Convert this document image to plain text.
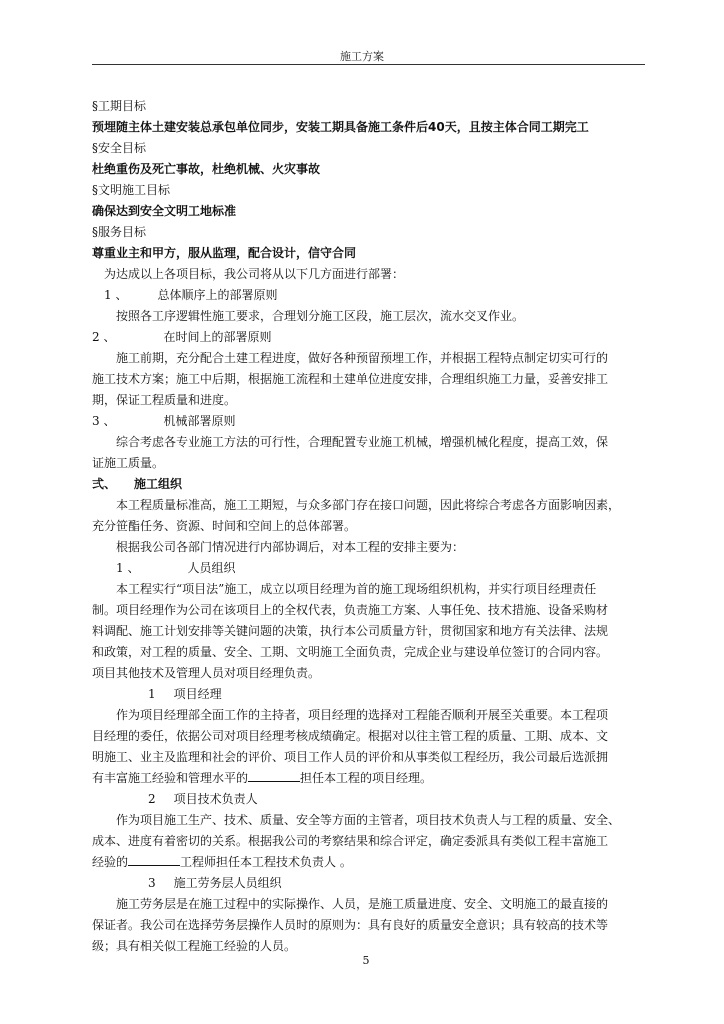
施工方案
§工期目标
预埋随主体土建安装总承包单位同步，安装工期具备施工条件后40天，且按主体合同工期完工
§安全目标
杜绝重伤及死亡事故，杜绝机械、火灾事故
§文明施工目标
确保达到安全文明工地标准
§服务目标
尊重业主和甲方，服从监理，配合设计，信守合同
为达成以上各项目标，我公司将从以下几方面进行部署：
1 、	总体顺序上的部署原则
按照各工序逻辑性施工要求，合理划分施工区段，施工层次，流水交叉作业。
2 、	在时间上的部署原则
施工前期，充分配合土建工程进度，做好各种预留预埋工作，并根据工程特点制定切实可行的
施工技术方案；施工中后期，根据施工流程和土建单位进度安排，合理组织施工力量，妥善安排工
期，保证工程质量和进度。
3 、	机械部署原则
综合考虑各专业施工方法的可行性，合理配置专业施工机械，增强机械化程度，提高工效，保
证施工质量。
弍、 施工组织
本工程质量标准高，施工工期短，与众多部门存在接口问题，因此将综合考虑各方面影响因素，
充分笹酯任务、资源、时间和空间上的总体部署。
根据我公司各部门情况进行内部协调后，对本工程的安排主要为：
1 、	人员组织
本工程实行“项目法”施工，成立以项目经理为首的施工现场组织机构，并实行项目经理责任
制。项目经理作为公司在该项目上的全权代表，负责施工方案、人事任免、技术措施、设备采购材
料调配、施工计划安排等关键问题的决策，执行本公司质量方针，贯彻国家和地方有关法律、法规
和政策，对工程的质量、安全、工期、文明施工全面负责，完成企业与建设单位签订的合同内容。
项目其他技术及管理人员对项目经理负责。
1 项目经理
作为项目经理部全面工作的主持者，项目经理的选择对工程能否顺利开展至关重要。本工程项
目经理的委任，依据公司对项目经理考核成绩确定。根据对以往主管工程的质量、工期、成本、文
明施工、业主及监理和社会的评价、项目工作人员的评价和从事类似工程经历，我公司最后选派拥
有丰富施工经验和管理水平的	担任本工程的项目经理。
2 项目技术负责人
作为项目施工生产、技术、质量、安全等方面的主管者，项目技术负责人与工程的质量、安全、
成本、进度有着密切的关系。根据我公司的考察结果和综合评定，确定委派具有类似工程丰富施工
经验的	工程师担任本工程技术负责人 。
3 施工劳务层人员组织
施工劳务层是在施工过程中的实际操作、人员，是施工质量进度、安全、文明施工的最直接的
保证者。我公司在选择劳务层操作人员时的原则为：具有良好的质量安全意识；具有较高的技术等
级；具有相关似工程施工经验的人员。
5
